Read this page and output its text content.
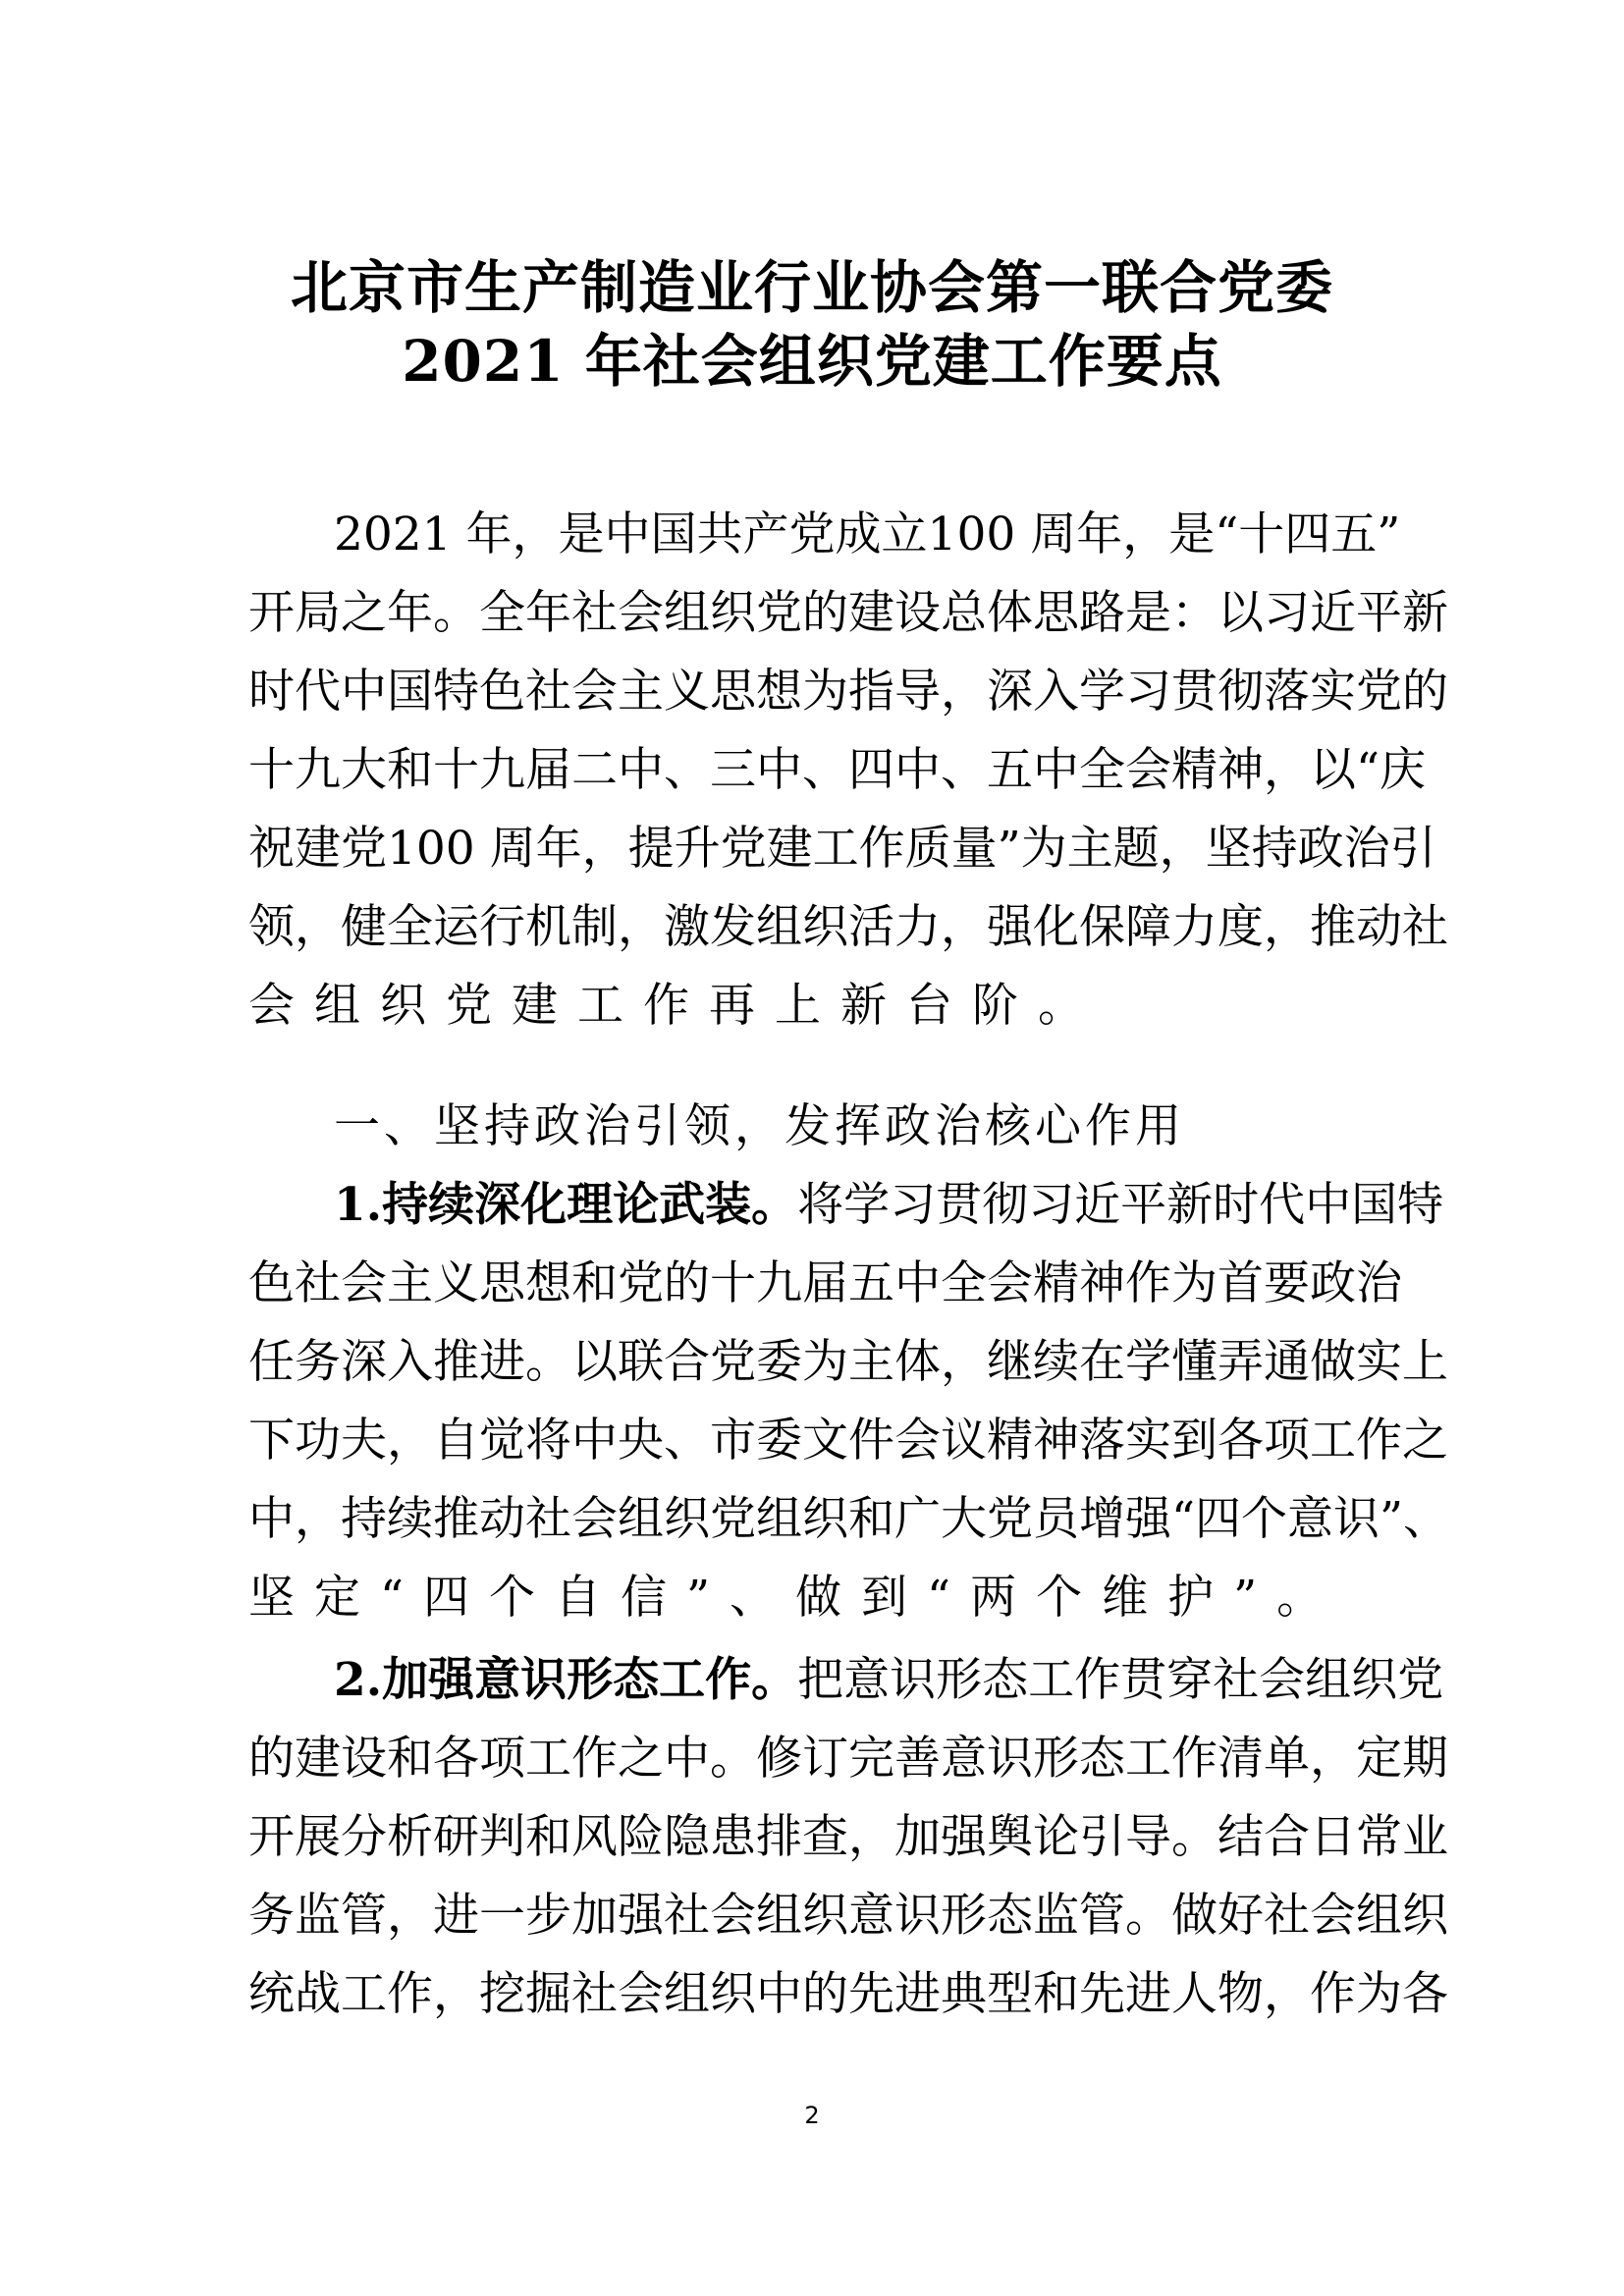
北京市生产制造业行业协会第一联合党委
2021 年社会组织党建工作要点
2021 年，是中国共产党成立100 周年，是“十四五”
开局之年。全年社会组织党的建设总体思路是：以习近平新
时代中国特色社会主义思想为指导，深入学习贯彻落实党的
十九大和十九届二中、三中、四中、五中全会精神，以“庆
祝建党100 周年，提升党建工作质量”为主题，坚持政治引
领，健全运行机制，激发组织活力，强化保障力度，推动社
会组织党建工作再上新台阶。
一、坚持政治引领，发挥政治核心作用
1.持续深化理论武装。将学习贯彻习近平新时代中国特
色社会主义思想和党的十九届五中全会精神作为首要政治
任务深入推进。以联合党委为主体，继续在学懂弄通做实上
下功夫，自觉将中央、市委文件会议精神落实到各项工作之
中，持续推动社会组织党组织和广大党员增强“四个意识”、
坚定“四个自信”、做到“两个维护”。
2.加强意识形态工作。把意识形态工作贯穿社会组织党
的建设和各项工作之中。修订完善意识形态工作清单，定期
开展分析研判和风险隐患排查，加强舆论引导。结合日常业
务监管，进一步加强社会组织意识形态监管。做好社会组织
统战工作，挖掘社会组织中的先进典型和先进人物，作为各
2
